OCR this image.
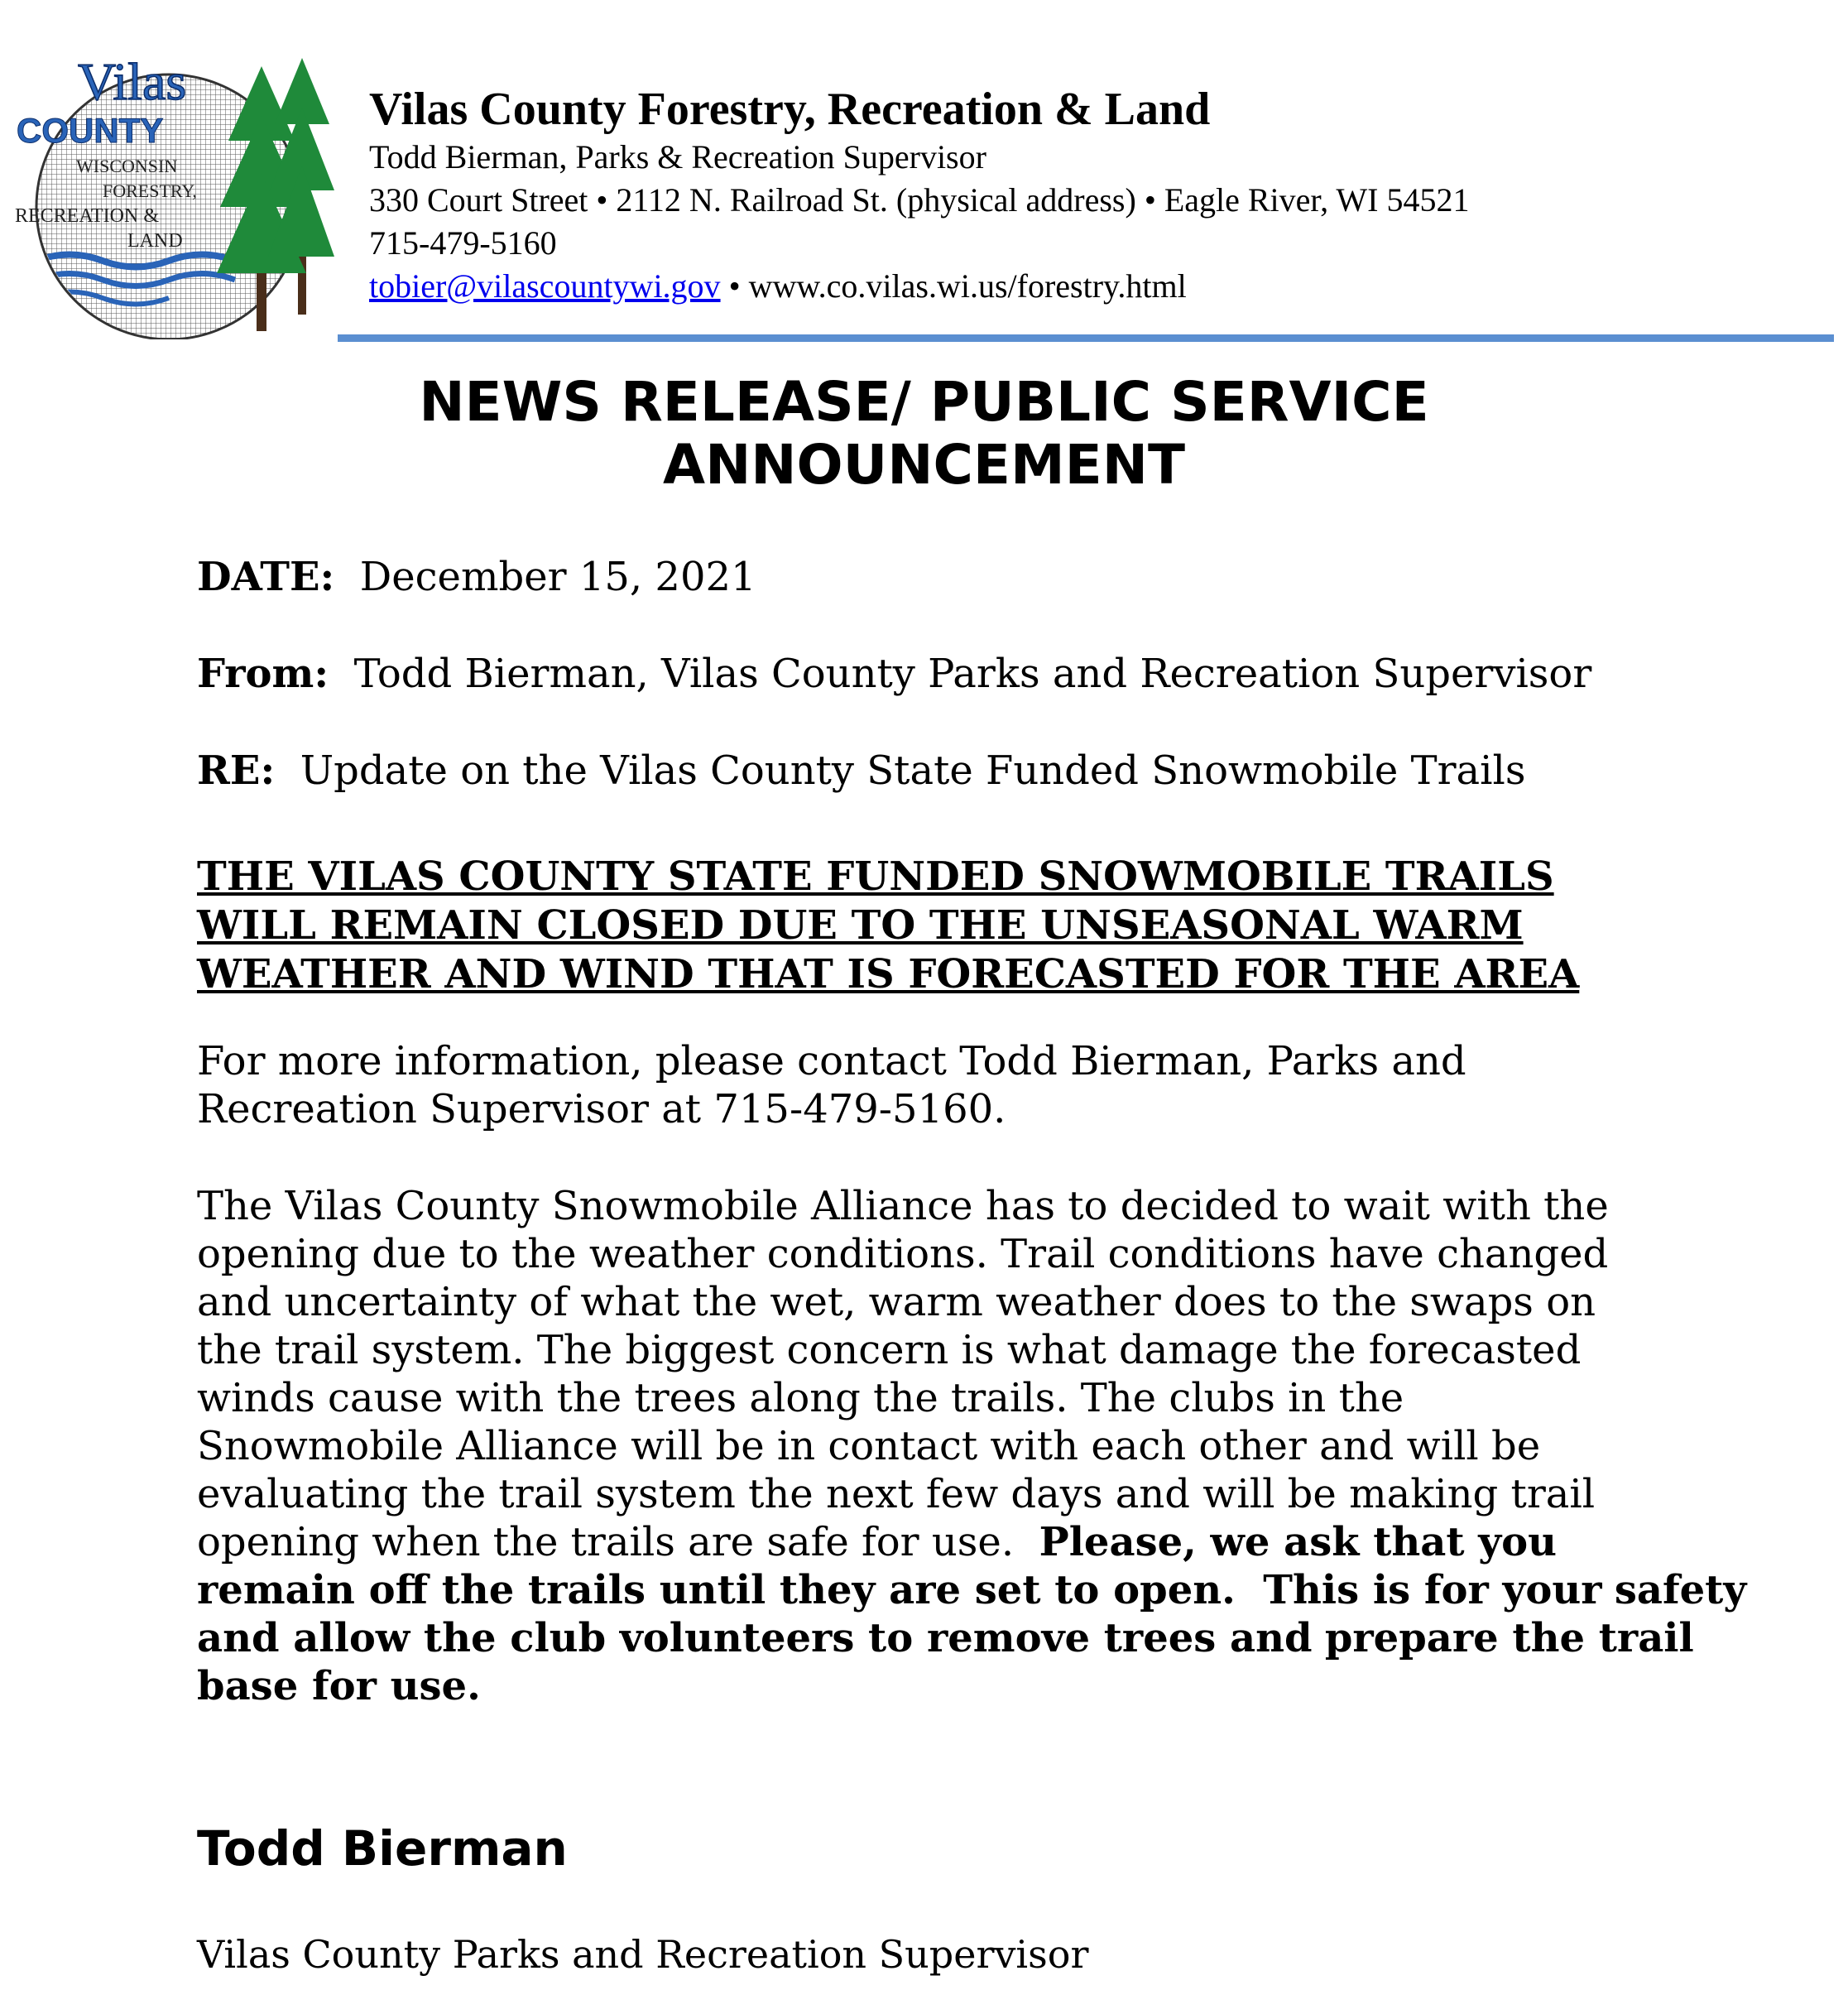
Vilas
COUNTY
WISCONSIN
FORESTRY,
RECREATION &
LAND

Vilas County Forestry, Recreation & Land

Todd Bierman, Parks & Recreation Supervisor

330 Court Street • 2112 N. Railroad St. (physical address) • Eagle River, WI 54521

715-479-5160

tobier@vilascountywi.gov • www.co.vilas.wi.us/forestry.html

NEWS RELEASE/ PUBLIC SERVICE
ANNOUNCEMENT

DATE: December 15, 2021

From: Todd Bierman, Vilas County Parks and Recreation Supervisor

RE: Update on the Vilas County State Funded Snowmobile Trails

THE VILAS COUNTY STATE FUNDED SNOWMOBILE TRAILS
WILL REMAIN CLOSED DUE TO THE UNSEASONAL WARM
WEATHER AND WIND THAT IS FORECASTED FOR THE AREA

For more information, please contact Todd Bierman, Parks and
Recreation Supervisor at 715-479-5160.

The Vilas County Snowmobile Alliance has to decided to wait with the
opening due to the weather conditions. Trail conditions have changed
and uncertainty of what the wet, warm weather does to the swaps on
the trail system. The biggest concern is what damage the forecasted
winds cause with the trees along the trails. The clubs in the
Snowmobile Alliance will be in contact with each other and will be
evaluating the trail system the next few days and will be making trail
opening when the trails are safe for use.  Please, we ask that you
remain off the trails until they are set to open.  This is for your safety and allow the club volunteers to remove trees and prepare the trail base for use.

Todd Bierman

Vilas County Parks and Recreation Supervisor
